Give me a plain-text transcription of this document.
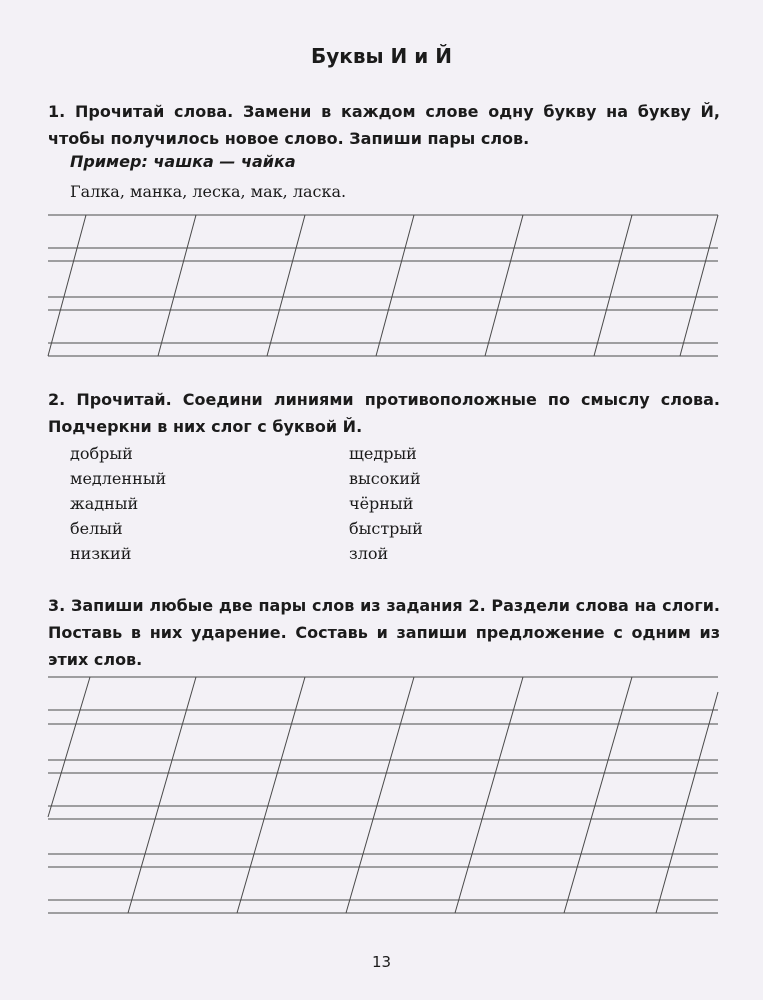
Буквы И и Й
1. Прочитай слова. Замени в каждом слове одну букву на букву Й, чтобы получилось новое слово. Запиши пары слов.
Пример: чашка — чайка
Галка, манка, леска, мак, ласка.
2. Прочитай. Соедини линиями противоположные по смыслу слова. Подчеркни в них слог с буквой Й.
добрый
медленный
жадный
белый
низкий
щедрый
высокий
чёрный
быстрый
злой
3. Запиши любые две пары слов из задания 2. Раздели слова на слоги. Поставь в них ударение. Составь и запиши предложение с одним из этих слов.
13
